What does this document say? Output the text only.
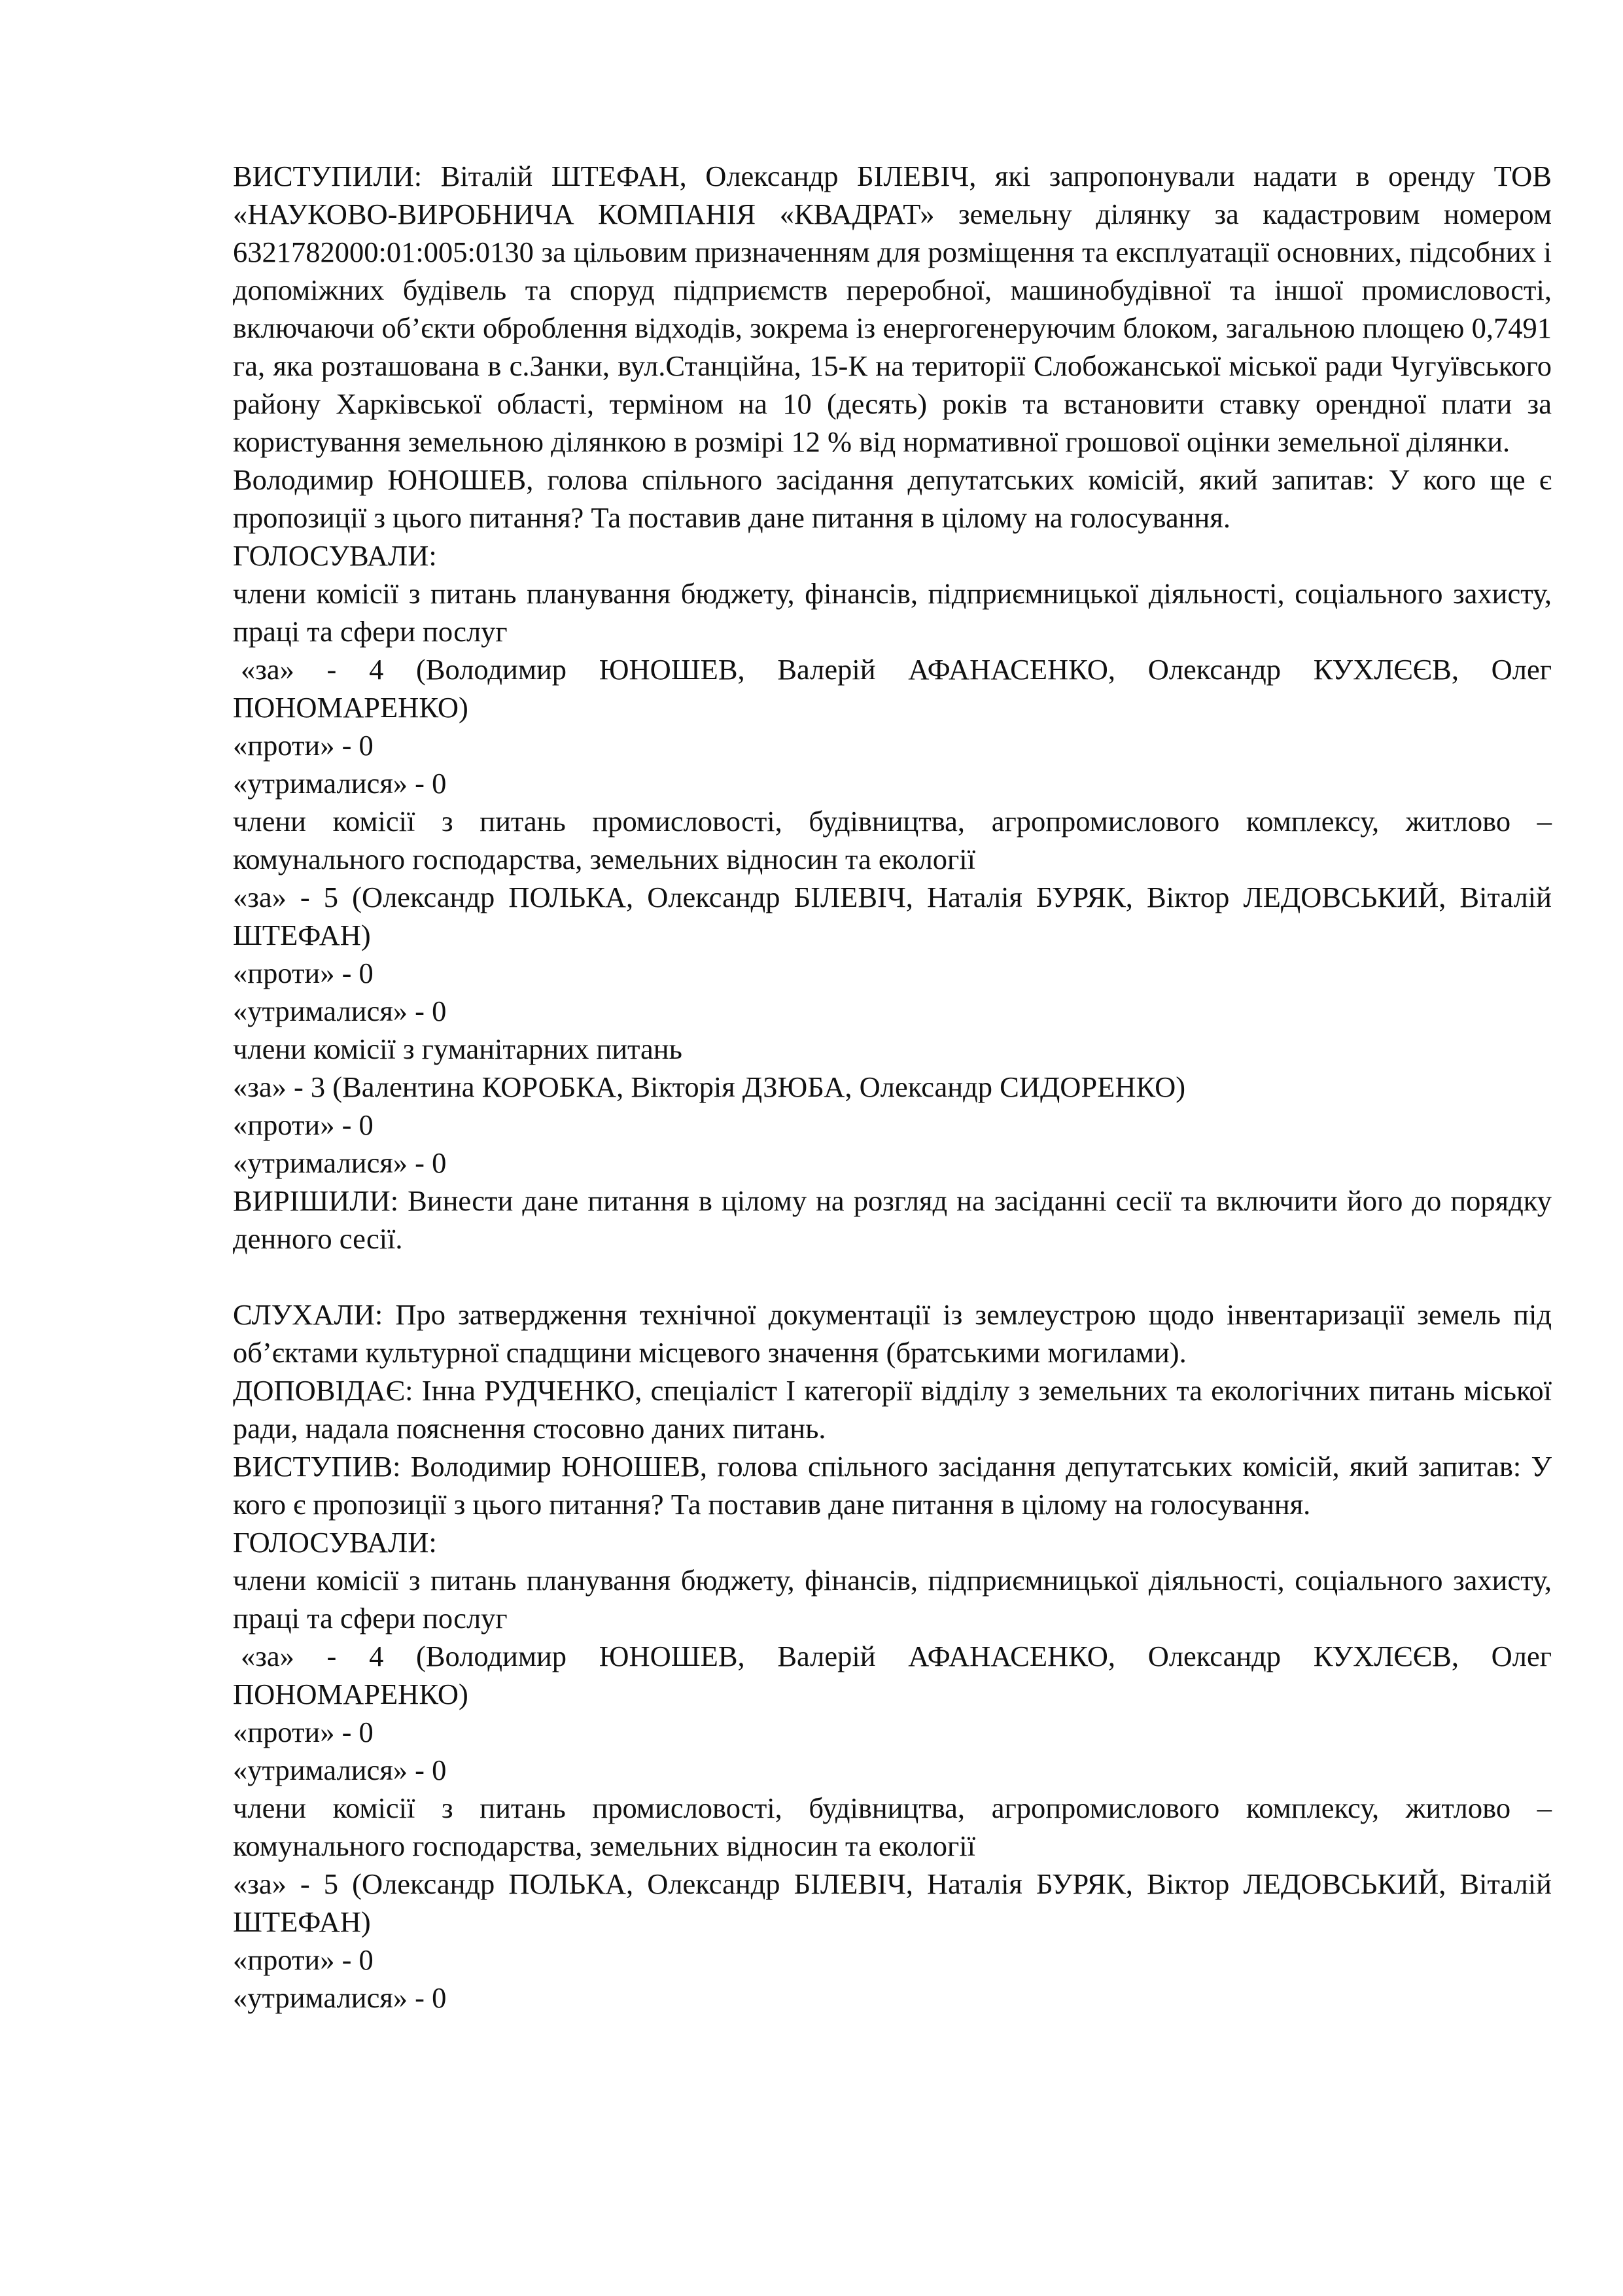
ВИСТУПИЛИ: Віталій ШТЕФАН, Олександр БІЛЕВІЧ, які запропонували надати в оренду ТОВ «НАУКОВО-ВИРОБНИЧА КОМПАНІЯ «КВАДРАТ» земельну ділянку за кадастровим номером 6321782000:01:005:0130 за цільовим призначенням для розміщення та експлуатації основних, підсобних і допоміжних будівель та споруд підприємств переробної, машинобудівної та іншої промисловості, включаючи об’єкти оброблення відходів, зокрема із енергогенеруючим блоком, загальною площею 0,7491 га, яка розташована в с.Занки, вул.Станційна, 15-К на території Слобожанської міської ради Чугуївського району Харківської області, терміном на 10 (десять) років та встановити ставку орендної плати за користування земельною ділянкою в розмірі 12 % від нормативної грошової оцінки земельної ділянки.

Володимир ЮНОШЕВ, голова спільного засідання депутатських комісій, який запитав: У кого ще є пропозиції з цього питання? Та поставив дане питання в цілому на голосування.

ГОЛОСУВАЛИ:

члени комісії з питань планування бюджету, фінансів, підприємницької діяльності, соціального захисту, праці та сфери послуг

«за» - 4 (Володимир ЮНОШЕВ, Валерій АФАНАСЕНКО, Олександр КУХЛЄЄВ, Олег ПОНОМАРЕНКО)

«проти» - 0

«утрималися» - 0

члени комісії з питань промисловості, будівництва, агропромислового комплексу, житлово – комунального господарства, земельних відносин та екології

«за» - 5 (Олександр ПОЛЬКА, Олександр БІЛЕВІЧ, Наталія БУРЯК, Віктор ЛЕДОВСЬКИЙ, Віталій ШТЕФАН)

«проти» - 0

«утрималися» - 0

члени комісії з гуманітарних питань

«за» - 3 (Валентина КОРОБКА, Вікторія ДЗЮБА, Олександр СИДОРЕНКО)

«проти» - 0

«утрималися» - 0

ВИРІШИЛИ: Винести дане питання в цілому на розгляд на засіданні сесії та включити його до порядку денного сесії.

СЛУХАЛИ: Про затвердження технічної документації із землеустрою щодо інвентаризації земель під об’єктами культурної спадщини місцевого значення (братськими могилами).

ДОПОВІДАЄ: Інна РУДЧЕНКО, спеціаліст І категорії відділу з земельних та екологічних питань міської ради, надала пояснення стосовно даних питань.

ВИСТУПИВ: Володимир ЮНОШЕВ, голова спільного засідання депутатських комісій, який запитав: У кого є пропозиції з цього питання? Та поставив дане питання в цілому на голосування.

ГОЛОСУВАЛИ:

члени комісії з питань планування бюджету, фінансів, підприємницької діяльності, соціального захисту, праці та сфери послуг

«за» - 4 (Володимир ЮНОШЕВ, Валерій АФАНАСЕНКО, Олександр КУХЛЄЄВ, Олег ПОНОМАРЕНКО)

«проти» - 0

«утрималися» - 0

члени комісії з питань промисловості, будівництва, агропромислового комплексу, житлово – комунального господарства, земельних відносин та екології

«за» - 5 (Олександр ПОЛЬКА, Олександр БІЛЕВІЧ, Наталія БУРЯК, Віктор ЛЕДОВСЬКИЙ, Віталій ШТЕФАН)

«проти» - 0

«утрималися» - 0
